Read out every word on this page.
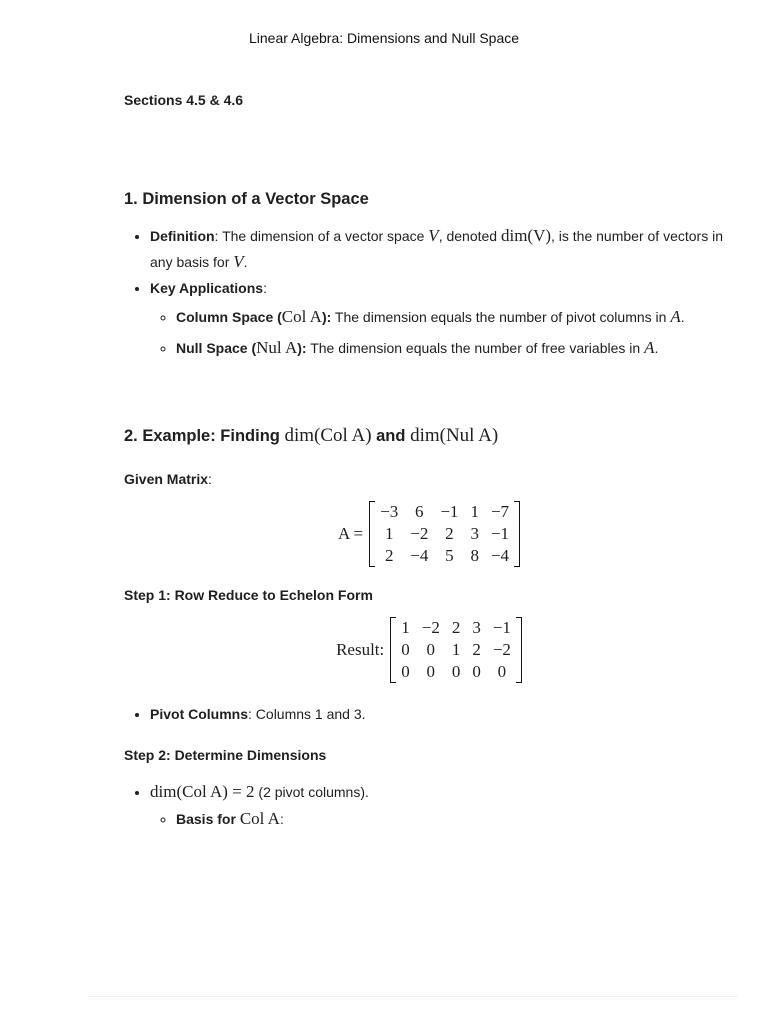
Linear Algebra: Dimensions and Null Space

Sections 4.5 & 4.6

1. Dimension of a Vector Space
• Definition: The dimension of a vector space V, denoted dim(V), is the number of vectors in any basis for V.
• Key Applications:
◦ Column Space (Col A): The dimension equals the number of pivot columns in A.
◦ Null Space (Nul A): The dimension equals the number of free variables in A.
2. Example: Finding dim(Col A) and dim(Nul A)

Given Matrix:

A =
−3	6	−1	1	−7
1	−2	2	3	−1
2	−4	5	8	−4
Step 1: Row Reduce to Echelon Form
Result:
1	−2	2	3	−1
0	0	1	2	−2
0	0	0	0	0
• Pivot Columns: Columns 1 and 3.
Step 2: Determine Dimensions
• dim(Col A) = 2 (2 pivot columns).
◦ Basis for Col A:
